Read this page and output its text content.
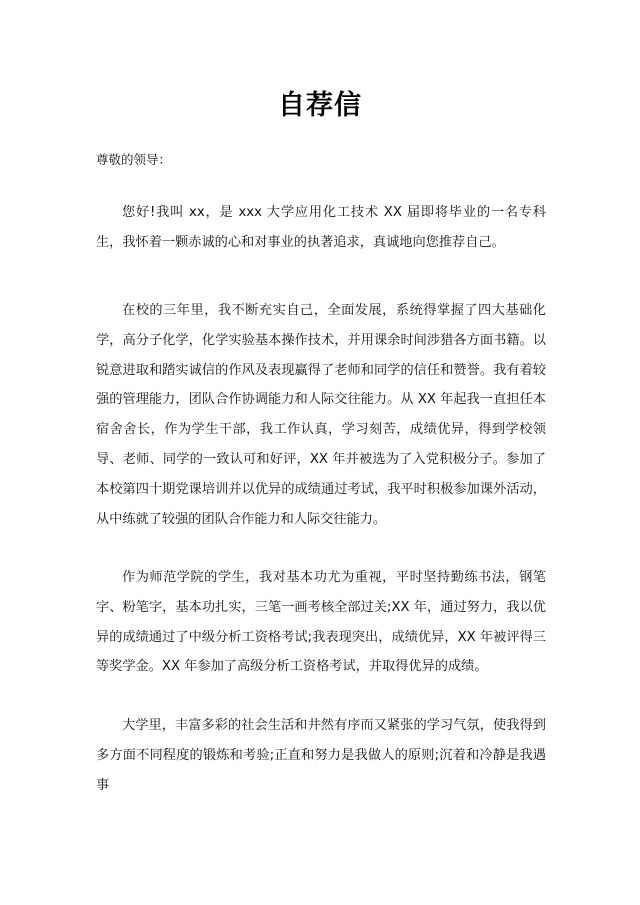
自荐信
尊敬的领导：

您好!我叫 xx，是 xxx 大学应用化工技术 XX 届即将毕业的一名专科生，我怀着一颗赤诚的心和对事业的执著追求，真诚地向您推荐自己。

在校的三年里，我不断充实自己，全面发展，系统得掌握了四大基础化学，高分子化学，化学实验基本操作技术，并用课余时间涉猎各方面书籍。以锐意进取和踏实诚信的作风及表现赢得了老师和同学的信任和赞誉。我有着较强的管理能力，团队合作协调能力和人际交往能力。从 XX 年起我一直担任本宿舍舍长，作为学生干部，我工作认真，学习刻苦，成绩优异，得到学校领导、老师、同学的一致认可和好评，XX 年并被选为了入党积极分子。参加了本校第四十期党课培训并以优异的成绩通过考试，我平时积极参加课外活动，从中练就了较强的团队合作能力和人际交往能力。

作为师范学院的学生，我对基本功尤为重视，平时坚持勤练书法，钢笔字、粉笔字，基本功扎实，三笔一画考核全部过关;XX 年，通过努力，我以优异的成绩通过了中级分析工资格考试;我表现突出，成绩优异，XX 年被评得三等奖学金。XX 年参加了高级分析工资格考试，并取得优异的成绩。

大学里，丰富多彩的社会生活和井然有序而又紧张的学习气氛，使我得到多方面不同程度的锻炼和考验;正直和努力是我做人的原则;沉着和冷静是我遇事
